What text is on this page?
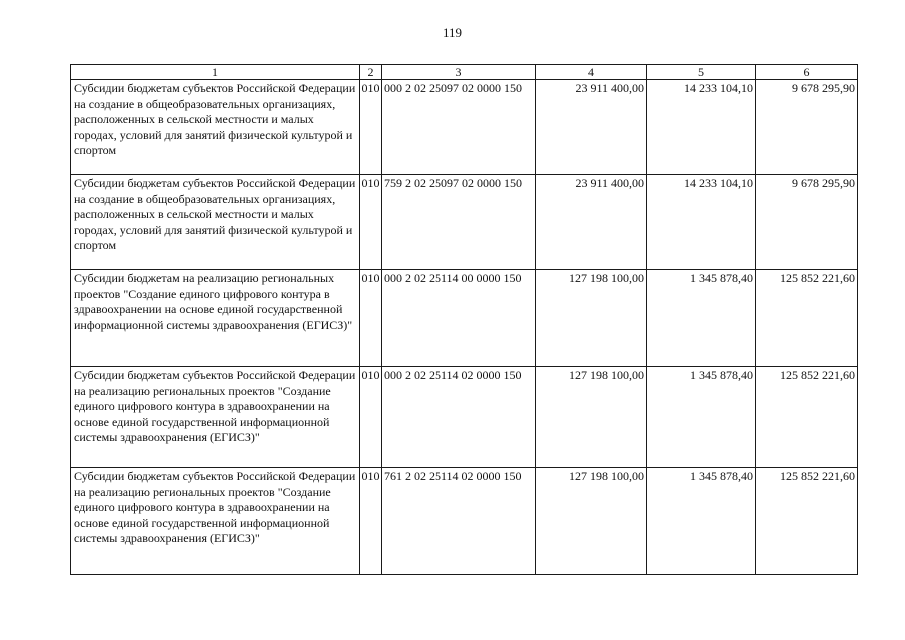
119
1	2	3	4	5	6
Субсидии бюджетам субъектов Российской Федерации на создание в общеобразовательных организациях, расположенных в сельской местности и малых городах, условий для занятий физической культурой и спортом	010	000 2 02 25097 02 0000 150	23 911 400,00	14 233 104,10	9 678 295,90
Субсидии бюджетам субъектов Российской Федерации на создание в общеобразовательных организациях, расположенных в сельской местности и малых городах, условий для занятий физической культурой и спортом	010	759 2 02 25097 02 0000 150	23 911 400,00	14 233 104,10	9 678 295,90
Субсидии бюджетам на реализацию региональных проектов "Создание единого цифрового контура в здравоохранении на основе единой государственной информационной системы здравоохранения (ЕГИСЗ)"	010	000 2 02 25114 00 0000 150	127 198 100,00	1 345 878,40	125 852 221,60
Субсидии бюджетам субъектов Российской Федерации на реализацию региональных проектов "Создание единого цифрового контура в здравоохранении на основе единой государственной информационной системы здравоохранения (ЕГИСЗ)"	010	000 2 02 25114 02 0000 150	127 198 100,00	1 345 878,40	125 852 221,60
Субсидии бюджетам субъектов Российской Федерации на реализацию региональных проектов "Создание единого цифрового контура в здравоохранении на основе единой государственной информационной системы здравоохранения (ЕГИСЗ)"	010	761 2 02 25114 02 0000 150	127 198 100,00	1 345 878,40	125 852 221,60
